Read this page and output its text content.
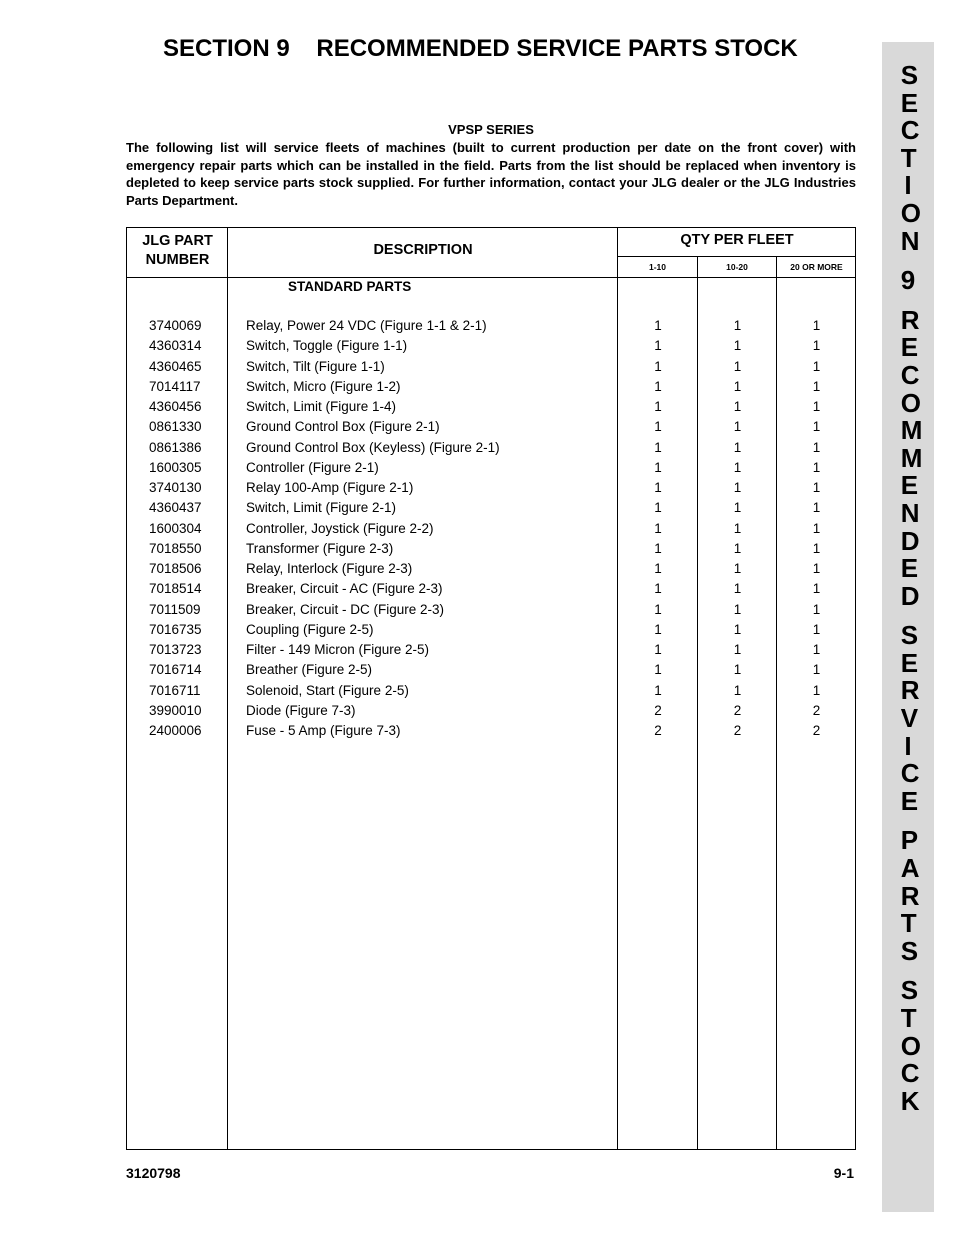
SECTION 9    RECOMMENDED SERVICE PARTS STOCK
SECTION
9
RECOMMENDED
SERVICE
PARTS
STOCK
VPSP SERIES
The following list will service fleets of machines (built to current production per date on the front cover) with emergency repair parts which can be installed in the field. Parts from the list should be replaced when inventory is depleted to keep service parts stock supplied. For further information, contact your JLG dealer or the JLG Industries Parts Department.
JLG PART NUMBER
DESCRIPTION
QTY PER FLEET
1-10	10-20	20 OR MORE
STANDARD PARTS
3740069	Relay, Power 24 VDC (Figure 1-1 & 2-1)	1	1	1
4360314	Switch, Toggle (Figure 1-1)	1	1	1
4360465	Switch, Tilt (Figure 1-1)	1	1	1
7014117	Switch, Micro (Figure 1-2)	1	1	1
4360456	Switch, Limit (Figure 1-4)	1	1	1
0861330	Ground Control Box (Figure 2-1)	1	1	1
0861386	Ground Control Box (Keyless) (Figure 2-1)	1	1	1
1600305	Controller (Figure 2-1)	1	1	1
3740130	Relay 100-Amp (Figure 2-1)	1	1	1
4360437	Switch, Limit (Figure 2-1)	1	1	1
1600304	Controller, Joystick (Figure 2-2)	1	1	1
7018550	Transformer (Figure 2-3)	1	1	1
7018506	Relay, Interlock (Figure 2-3)	1	1	1
7018514	Breaker, Circuit - AC (Figure 2-3)	1	1	1
7011509	Breaker, Circuit - DC (Figure 2-3)	1	1	1
7016735	Coupling (Figure 2-5)	1	1	1
7013723	Filter - 149 Micron (Figure 2-5)	1	1	1
7016714	Breather (Figure 2-5)	1	1	1
7016711	Solenoid, Start (Figure 2-5)	1	1	1
3990010	Diode (Figure 7-3)	2	2	2
2400006	Fuse - 5 Amp (Figure 7-3)	2	2	2
3120798	9-1
